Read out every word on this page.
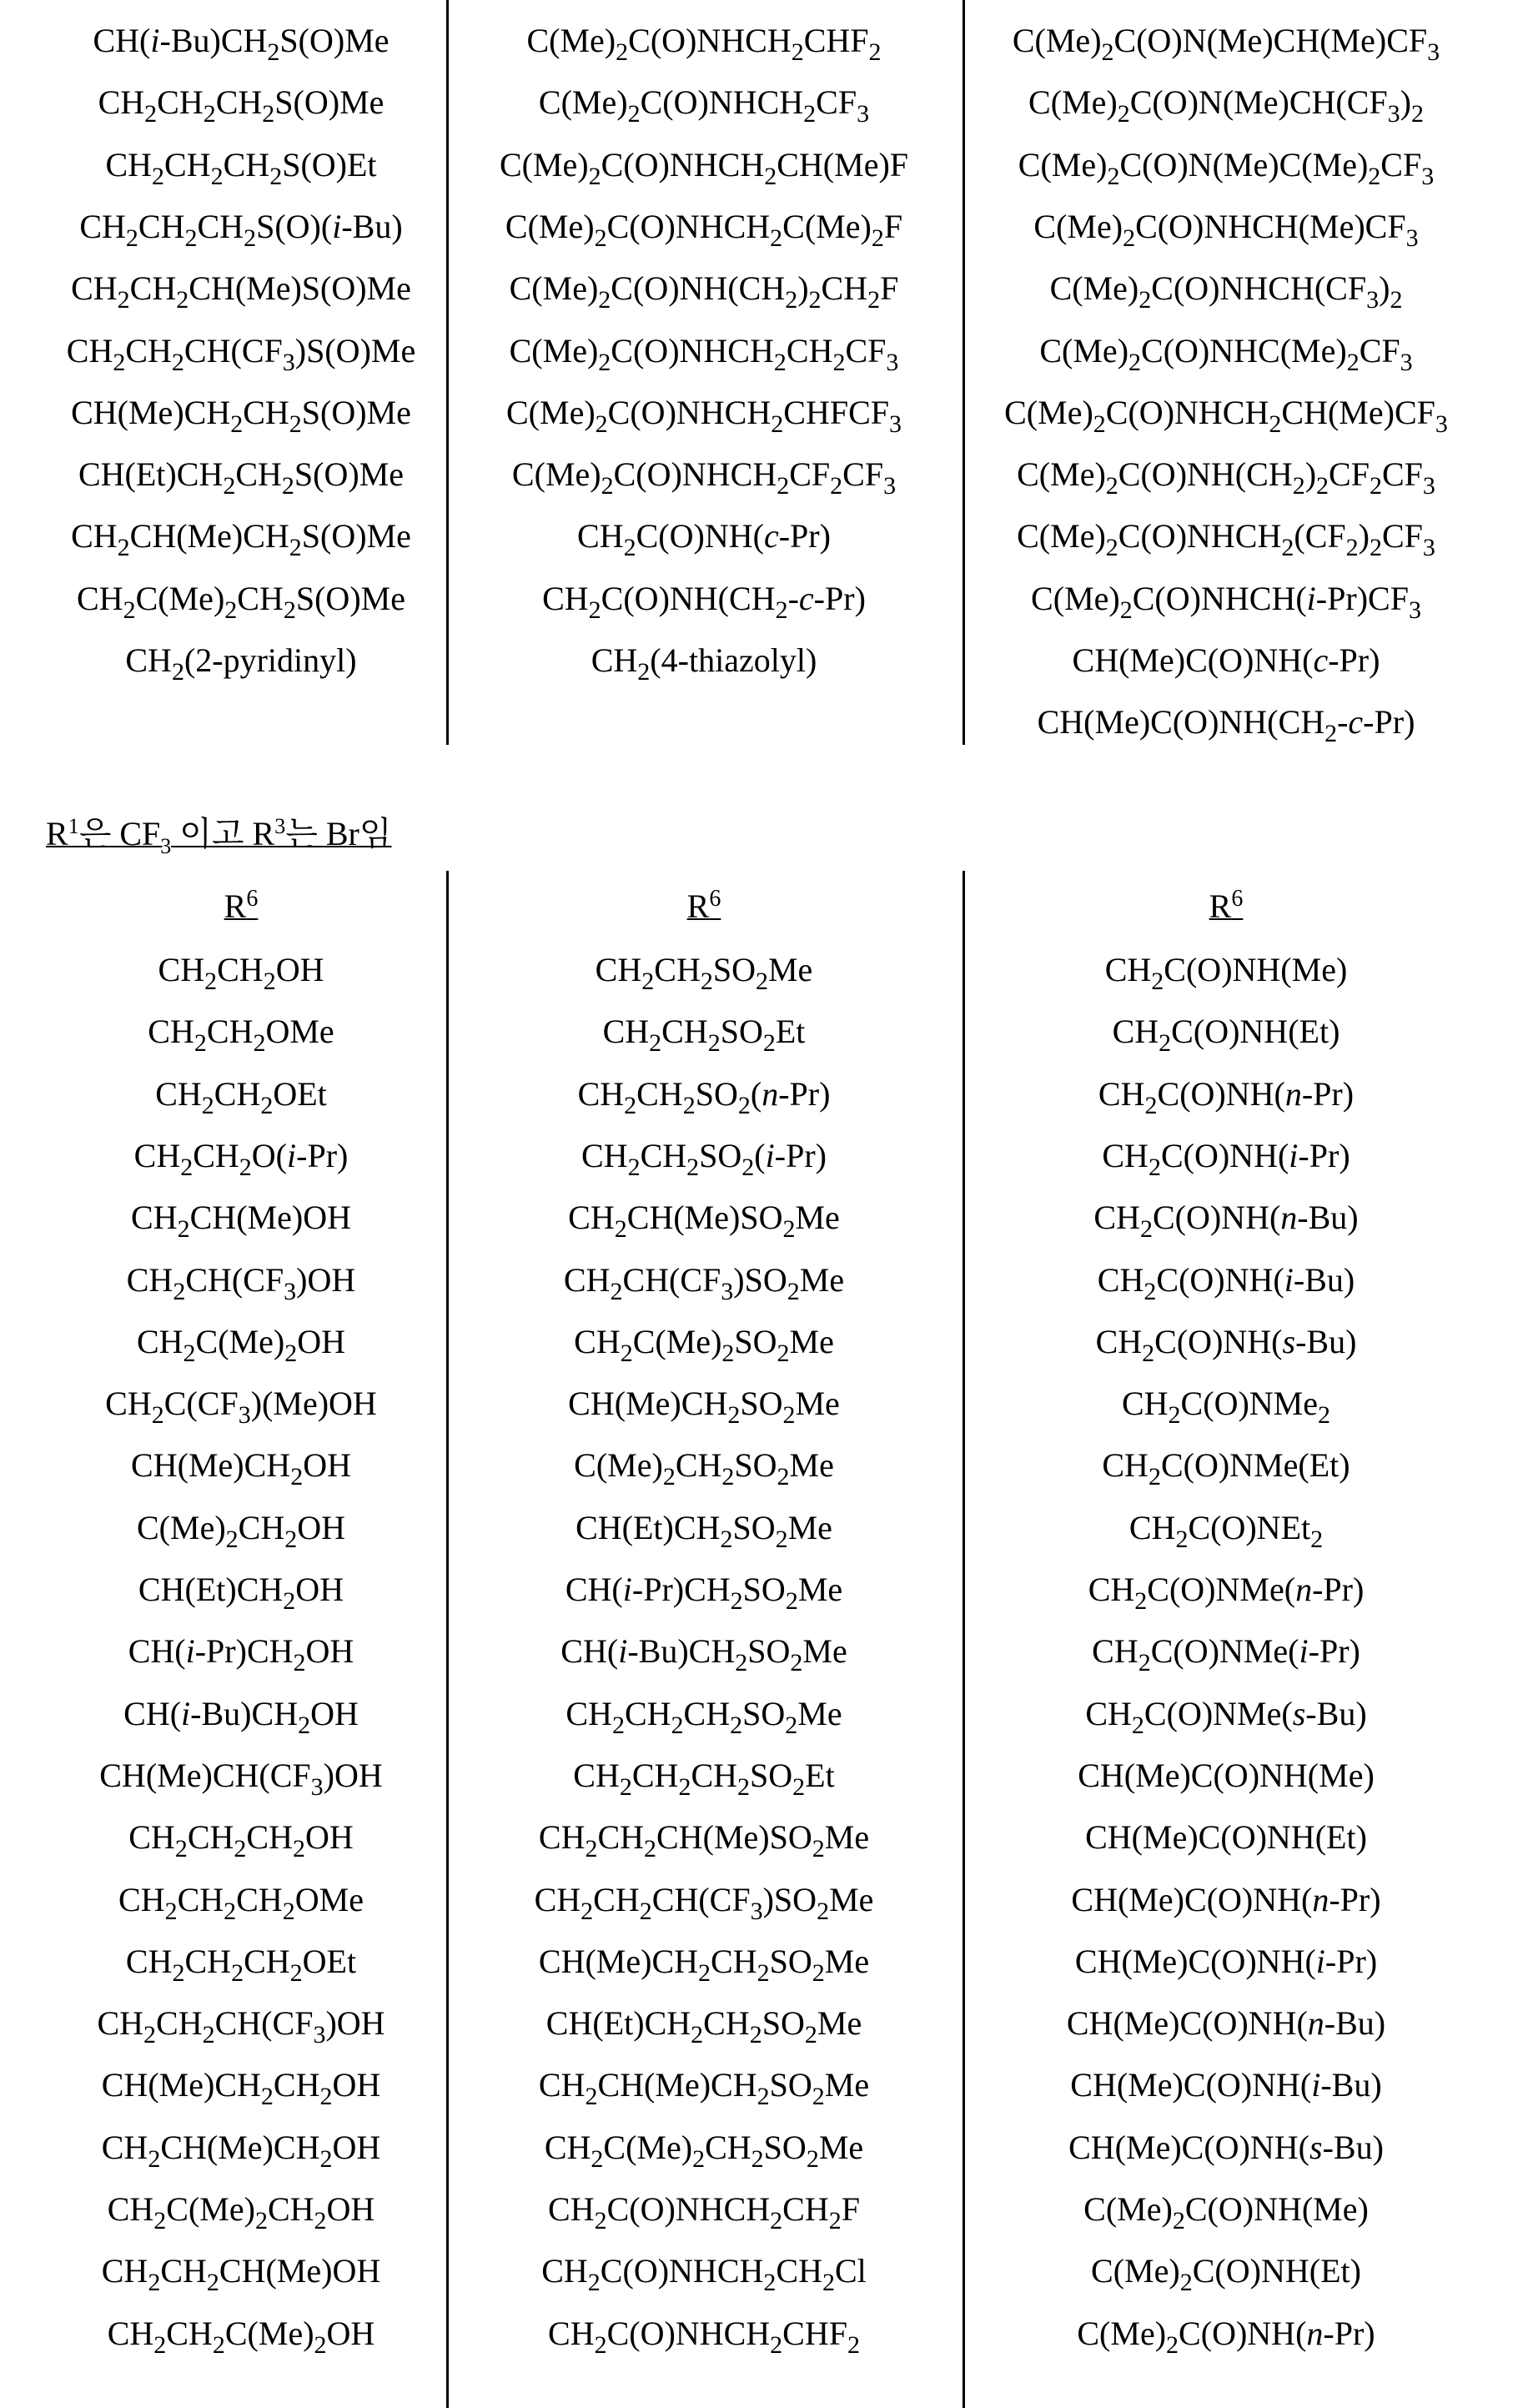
CH(i-Bu)CH2S(O)Me
CH2CH2CH2S(O)Me
CH2CH2CH2S(O)Et
CH2CH2CH2S(O)(i-Bu)
CH2CH2CH(Me)S(O)Me
CH2CH2CH(CF3)S(O)Me
CH(Me)CH2CH2S(O)Me
CH(Et)CH2CH2S(O)Me
CH2CH(Me)CH2S(O)Me
CH2C(Me)2CH2S(O)Me
CH2(2-pyridinyl)
C(Me)2C(O)NHCH2CHF2
C(Me)2C(O)NHCH2CF3
C(Me)2C(O)NHCH2CH(Me)F
C(Me)2C(O)NHCH2C(Me)2F
C(Me)2C(O)NH(CH2)2CH2F
C(Me)2C(O)NHCH2CH2CF3
C(Me)2C(O)NHCH2CHFCF3
C(Me)2C(O)NHCH2CF2CF3
CH2C(O)NH(c-Pr)
CH2C(O)NH(CH2-c-Pr)
CH2(4-thiazolyl)
C(Me)2C(O)N(Me)CH(Me)CF3
C(Me)2C(O)N(Me)CH(CF3)2
C(Me)2C(O)N(Me)C(Me)2CF3
C(Me)2C(O)NHCH(Me)CF3
C(Me)2C(O)NHCH(CF3)2
C(Me)2C(O)NHC(Me)2CF3
C(Me)2C(O)NHCH2CH(Me)CF3
C(Me)2C(O)NH(CH2)2CF2CF3
C(Me)2C(O)NHCH2(CF2)2CF3
C(Me)2C(O)NHCH(i-Pr)CF3
CH(Me)C(O)NH(c-Pr)
CH(Me)C(O)NH(CH2-c-Pr)
R1은 CF3 이고 R3는 Br임
R6
CH2CH2OH
CH2CH2OMe
CH2CH2OEt
CH2CH2O(i-Pr)
CH2CH(Me)OH
CH2CH(CF3)OH
CH2C(Me)2OH
CH2C(CF3)(Me)OH
CH(Me)CH2OH
C(Me)2CH2OH
CH(Et)CH2OH
CH(i-Pr)CH2OH
CH(i-Bu)CH2OH
CH(Me)CH(CF3)OH
CH2CH2CH2OH
CH2CH2CH2OMe
CH2CH2CH2OEt
CH2CH2CH(CF3)OH
CH(Me)CH2CH2OH
CH2CH(Me)CH2OH
CH2C(Me)2CH2OH
CH2CH2CH(Me)OH
CH2CH2C(Me)2OH
R6
CH2CH2SO2Me
CH2CH2SO2Et
CH2CH2SO2(n-Pr)
CH2CH2SO2(i-Pr)
CH2CH(Me)SO2Me
CH2CH(CF3)SO2Me
CH2C(Me)2SO2Me
CH(Me)CH2SO2Me
C(Me)2CH2SO2Me
CH(Et)CH2SO2Me
CH(i-Pr)CH2SO2Me
CH(i-Bu)CH2SO2Me
CH2CH2CH2SO2Me
CH2CH2CH2SO2Et
CH2CH2CH(Me)SO2Me
CH2CH2CH(CF3)SO2Me
CH(Me)CH2CH2SO2Me
CH(Et)CH2CH2SO2Me
CH2CH(Me)CH2SO2Me
CH2C(Me)2CH2SO2Me
CH2C(O)NHCH2CH2F
CH2C(O)NHCH2CH2Cl
CH2C(O)NHCH2CHF2
R6
CH2C(O)NH(Me)
CH2C(O)NH(Et)
CH2C(O)NH(n-Pr)
CH2C(O)NH(i-Pr)
CH2C(O)NH(n-Bu)
CH2C(O)NH(i-Bu)
CH2C(O)NH(s-Bu)
CH2C(O)NMe2
CH2C(O)NMe(Et)
CH2C(O)NEt2
CH2C(O)NMe(n-Pr)
CH2C(O)NMe(i-Pr)
CH2C(O)NMe(s-Bu)
CH(Me)C(O)NH(Me)
CH(Me)C(O)NH(Et)
CH(Me)C(O)NH(n-Pr)
CH(Me)C(O)NH(i-Pr)
CH(Me)C(O)NH(n-Bu)
CH(Me)C(O)NH(i-Bu)
CH(Me)C(O)NH(s-Bu)
C(Me)2C(O)NH(Me)
C(Me)2C(O)NH(Et)
C(Me)2C(O)NH(n-Pr)
